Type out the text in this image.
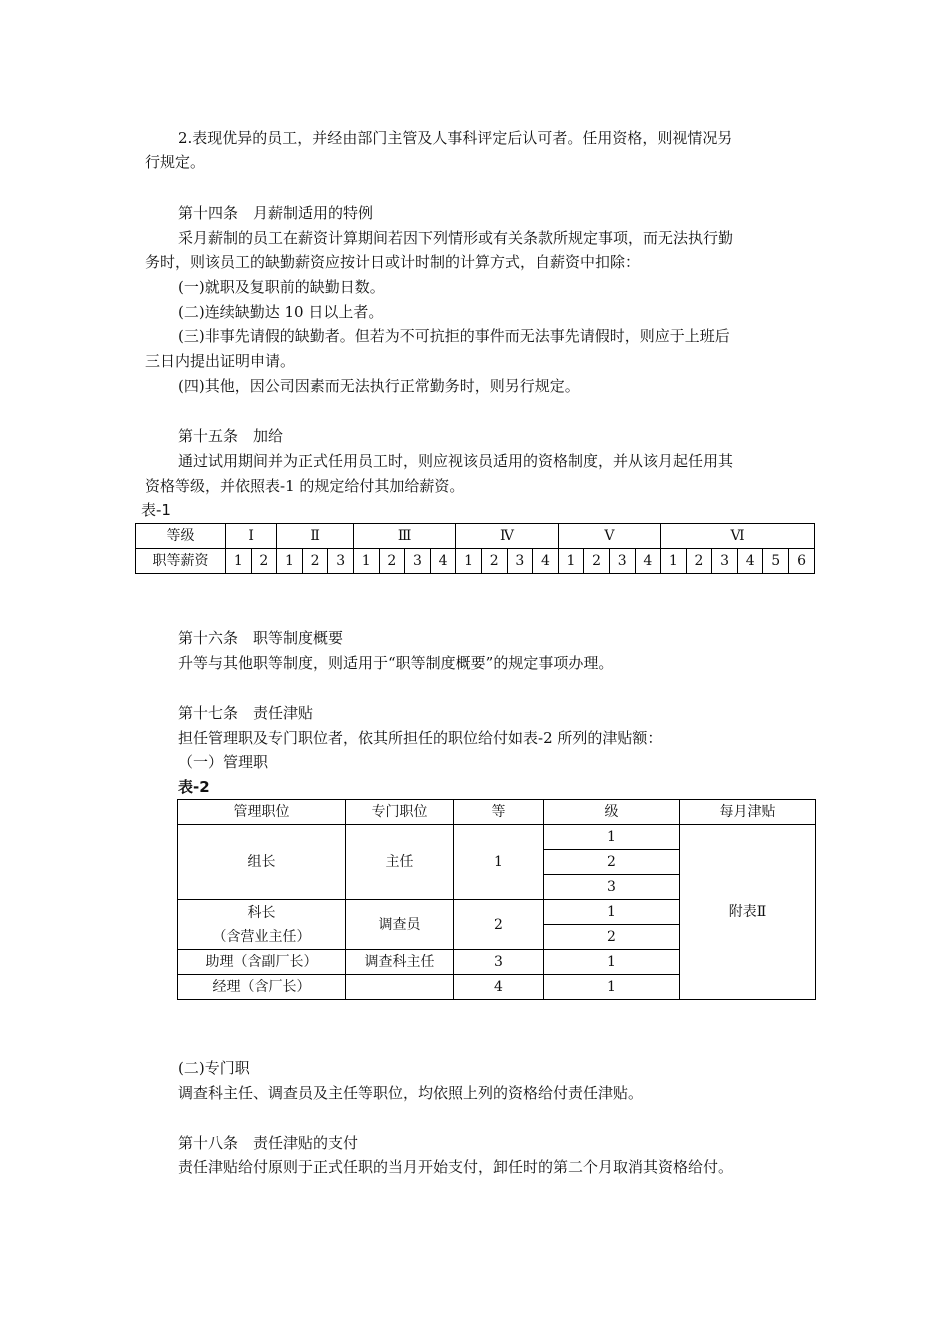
2.表现优异的员工，并经由部门主管及人事科评定后认可者。任用资格，则视情况另
行规定。
第十四条　月薪制适用的特例
采月薪制的员工在薪资计算期间若因下列情形或有关条款所规定事项，而无法执行勤
务时，则该员工的缺勤薪资应按计日或计时制的计算方式，自薪资中扣除：
(一)就职及复职前的缺勤日数。
(二)连续缺勤达 10 日以上者。
(三)非事先请假的缺勤者。但若为不可抗拒的事件而无法事先请假时，则应于上班后
三日内提出证明申请。
(四)其他，因公司因素而无法执行正常勤务时，则另行规定。
第十五条　加给
通过试用期间并为正式任用员工时，则应视该员适用的资格制度，并从该月起任用其
资格等级，并依照表-1 的规定给付其加给薪资。
表-1
等级	Ⅰ		Ⅱ			Ⅲ				Ⅳ				Ⅴ				Ⅵ					
职等薪资	1	2	1	2	3	1	2	3	4	1	2	3	4	1	2	3	4	1	2	3	4	5	6
第十六条　职等制度概要
升等与其他职等制度，则适用于“职等制度概要”的规定事项办理。
第十七条　责任津贴
担任管理职及专门职位者，依其所担任的职位给付如表-2 所列的津贴额：
（一）管理职
表-2
管理职位	专门职位	等	级	每月津贴
组长	主任	1	1	附表Ⅱ
			2	
			3	

科长
（含营业主任）	调查员	2	1	
			2	
助理（含副厂长）	调查科主任	3	1	
经理（含厂长）		4	1	
(二)专门职
调查科主任、调查员及主任等职位，均依照上列的资格给付责任津贴。
第十八条　责任津贴的支付
责任津贴给付原则于正式任职的当月开始支付，卸任时的第二个月取消其资格给付。
